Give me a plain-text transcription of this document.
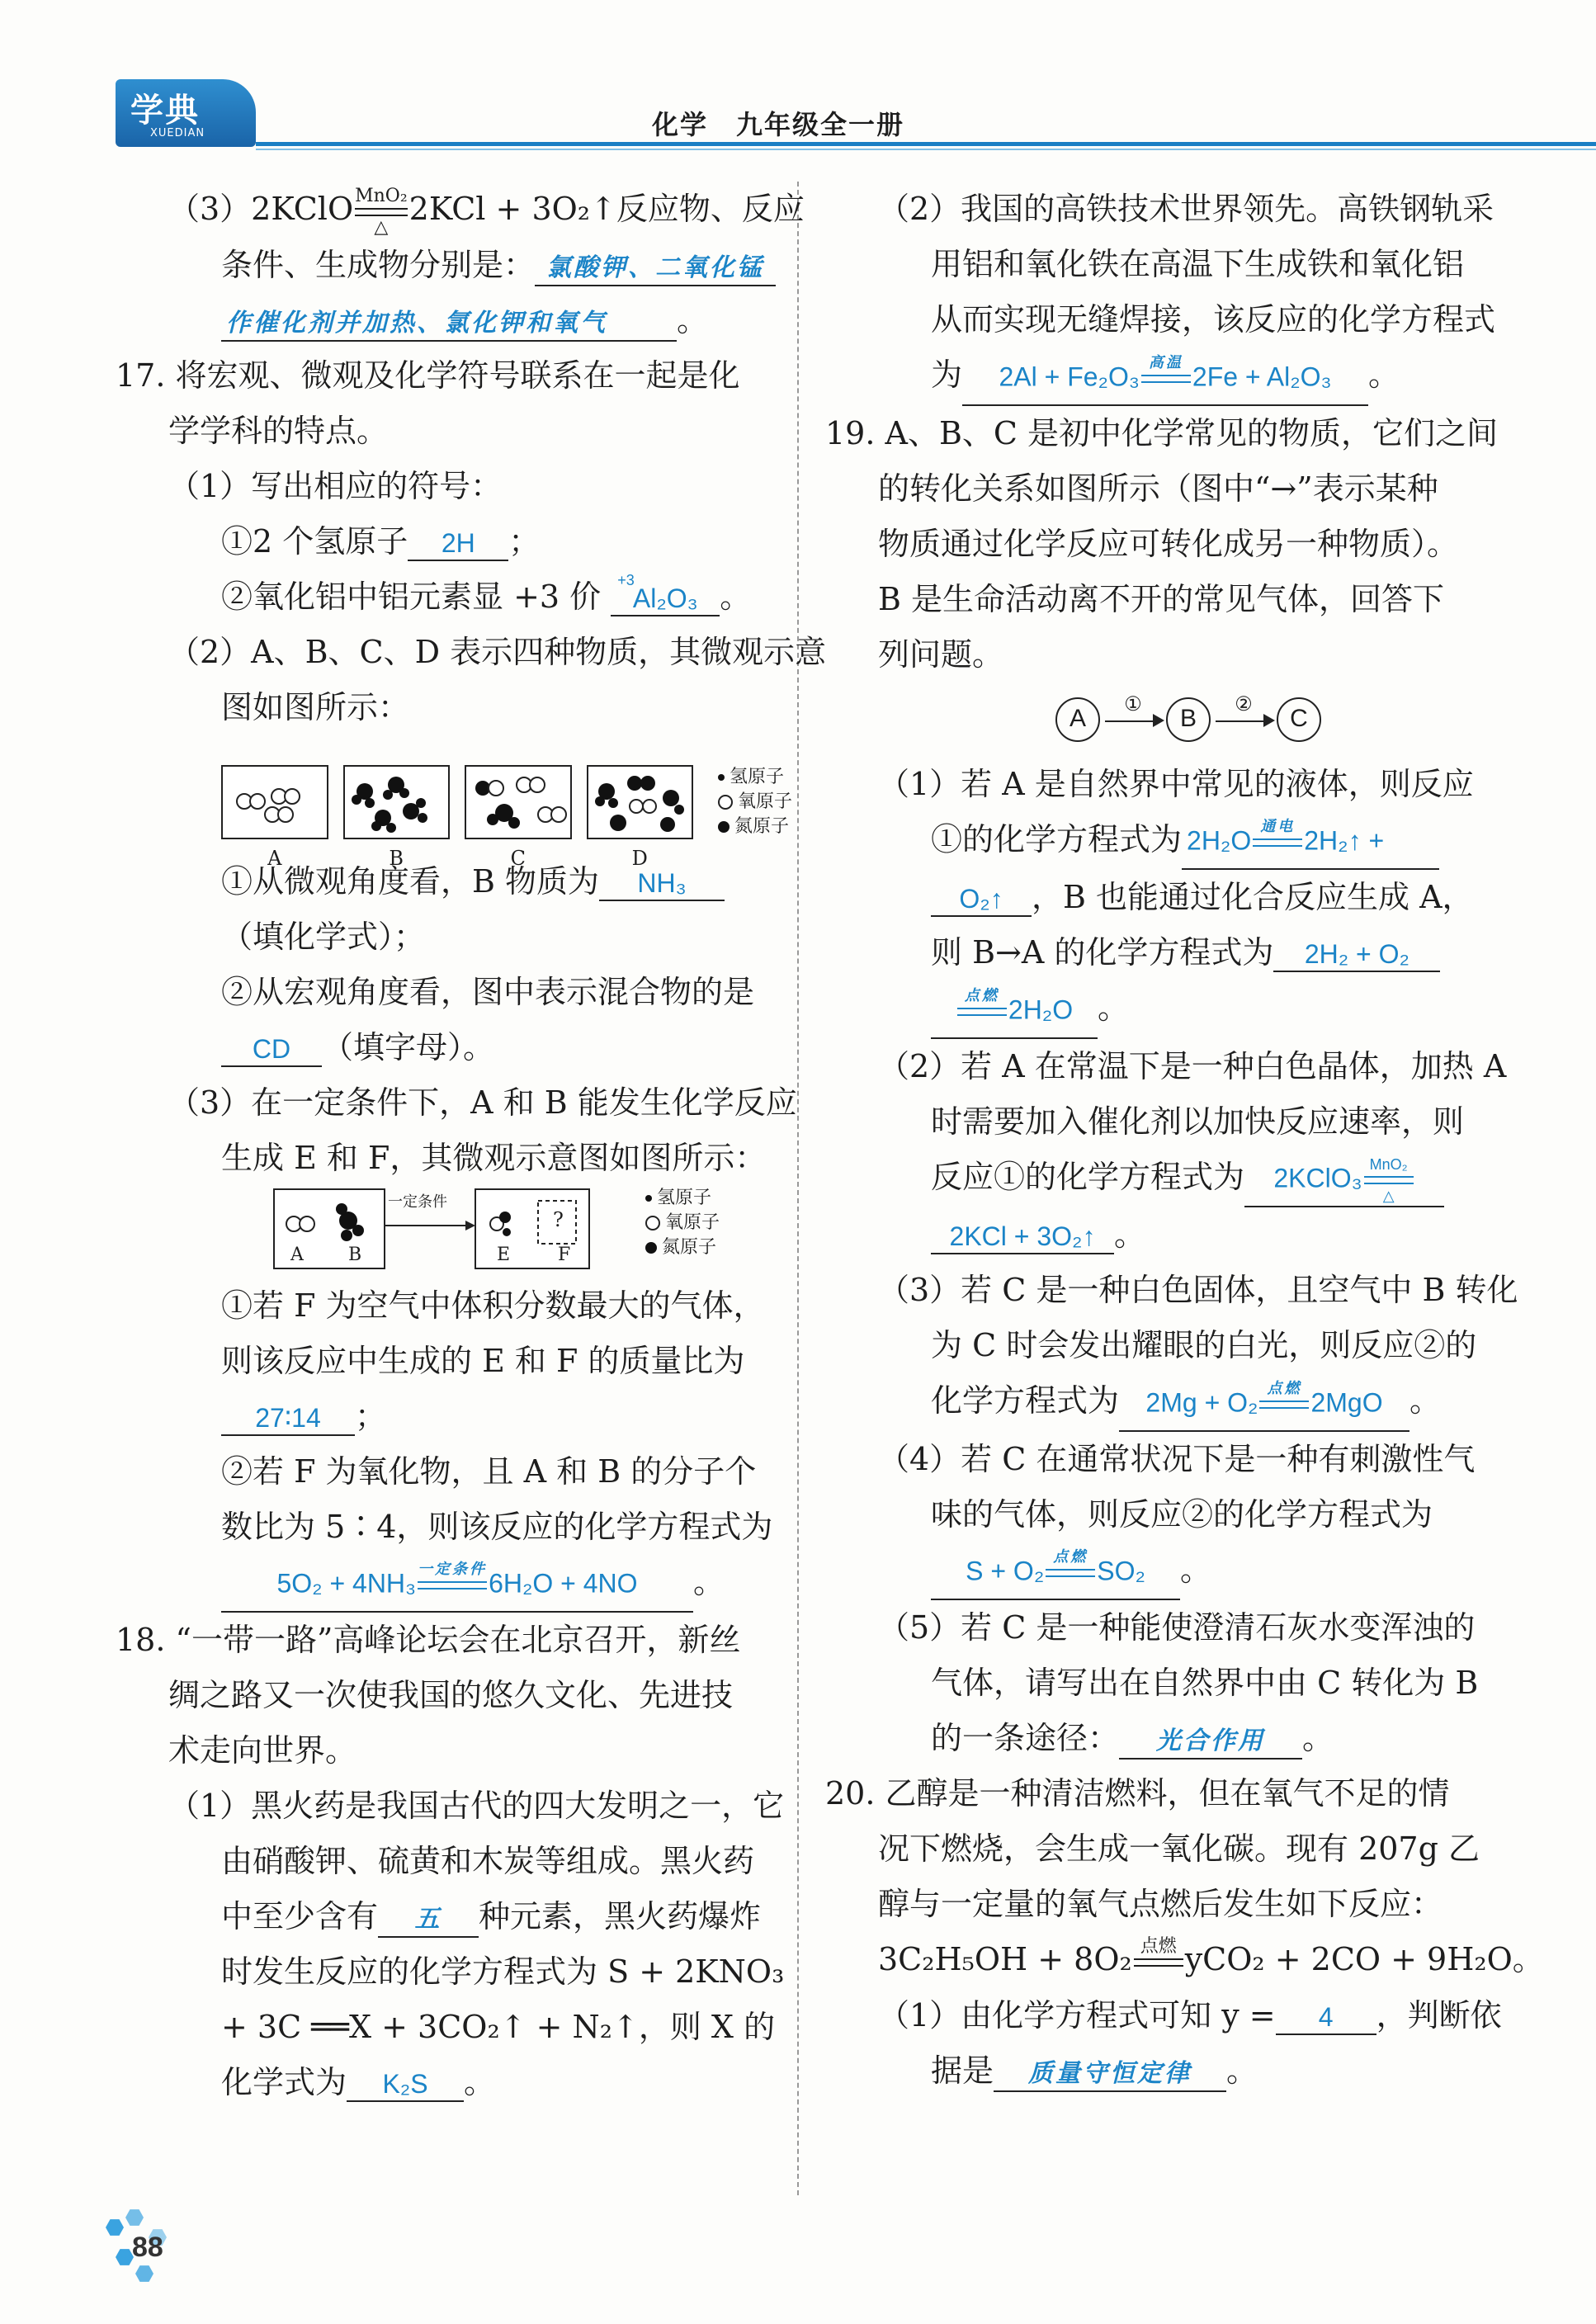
学典
XUEDIAN	化学　九年级全一册
（3）2KClO MnO₂
△ 2KCl + 3O₂↑反应物、反应
条件、生成物分别是： 氯酸钾、二氧化锰
作催化剂并加热、氯化钾和氧气 。
17. 将宏观、微观及化学符号联系在一起是化
学学科的特点。
（1）写出相应的符号：
①2 个氢原子 2H ；
②氧化铝中铝元素显 +3 价 +3
Al₂O₃ 。
（2）A、B、C、D 表示四种物质，其微观示意
图如图所示：
A	B	C	D
氢原子
氧原子
氮原子
①从微观角度看，B 物质为 NH₃
（填化学式）；
②从宏观角度看，图中表示混合物的是
CD （填字母）。
（3）在一定条件下，A 和 B 能发生化学反应
生成 E 和 F，其微观示意图如图所示：
一定条件
?
A B	E	F
氢原子
氧原子
氮原子
①若 F 为空气中体积分数最大的气体，
则该反应中生成的 E 和 F 的质量比为
27∶14 ；
②若 F 为氧化物，且 A 和 B 的分子个
数比为 5∶4，则该反应的化学方程式为
5O₂ + 4NH₃ 一定条件
6H₂O + 4NO 。
18. “一带一路”高峰论坛会在北京召开，新丝
绸之路又一次使我国的悠久文化、先进技
术走向世界。
（1）黑火药是我国古代的四大发明之一，它
由硝酸钾、硫黄和木炭等组成。黑火药
中至少含有 五 种元素，黑火药爆炸
时发生反应的化学方程式为 S + 2KNO₃
+ 3C ══X + 3CO₂↑ + N₂↑，则 X 的
化学式为 K₂S 。
（2）我国的高铁技术世界领先。高铁钢轨采
用铝和氧化铁在高温下生成铁和氧化铝
从而实现无缝焊接，该反应的化学方程式
为 2Al + Fe₂O₃ 高温
2Fe + Al₂O₃ 。
19. A、B、C 是初中化学常见的物质，它们之间
的转化关系如图所示（图中“→”表示某种
物质通过化学反应可转化成另一种物质）。
B 是生命活动离不开的常见气体，回答下
列问题。
A
①
B
②
C
（1）若 A 是自然界中常见的液体，则反应
①的化学方程式为 2H₂O 通电
2H₂↑ +
O₂↑ ，B 也能通过化合反应生成 A，
则 B→A 的化学方程式为 2H₂ + O₂
点燃
2H₂O 。
（2）若 A 在常温下是一种白色晶体，加热 A
时需要加入催化剂以加快反应速率，则
反应①的化学方程式为 2KClO₃ MnO₂
△
2KCl + 3O₂↑ 。
（3）若 C 是一种白色固体，且空气中 B 转化
为 C 时会发出耀眼的白光，则反应②的
化学方程式为 2Mg + O₂ 点燃
2MgO 。
（4）若 C 在通常状况下是一种有刺激性气
味的气体，则反应②的化学方程式为
S + O₂ 点燃
SO₂ 。
（5）若 C 是一种能使澄清石灰水变浑浊的
气体，请写出在自然界中由 C 转化为 B
的一条途径： 光合作用 。
20. 乙醇是一种清洁燃料，但在氧气不足的情
况下燃烧，会生成一氧化碳。现有 207g 乙
醇与一定量的氧气点燃后发生如下反应：
3C₂H₅OH + 8O₂ 点燃
yCO₂ + 2CO + 9H₂O。
（1）由化学方程式可知 y = 4 ，判断依
据是 质量守恒定律 。
88
